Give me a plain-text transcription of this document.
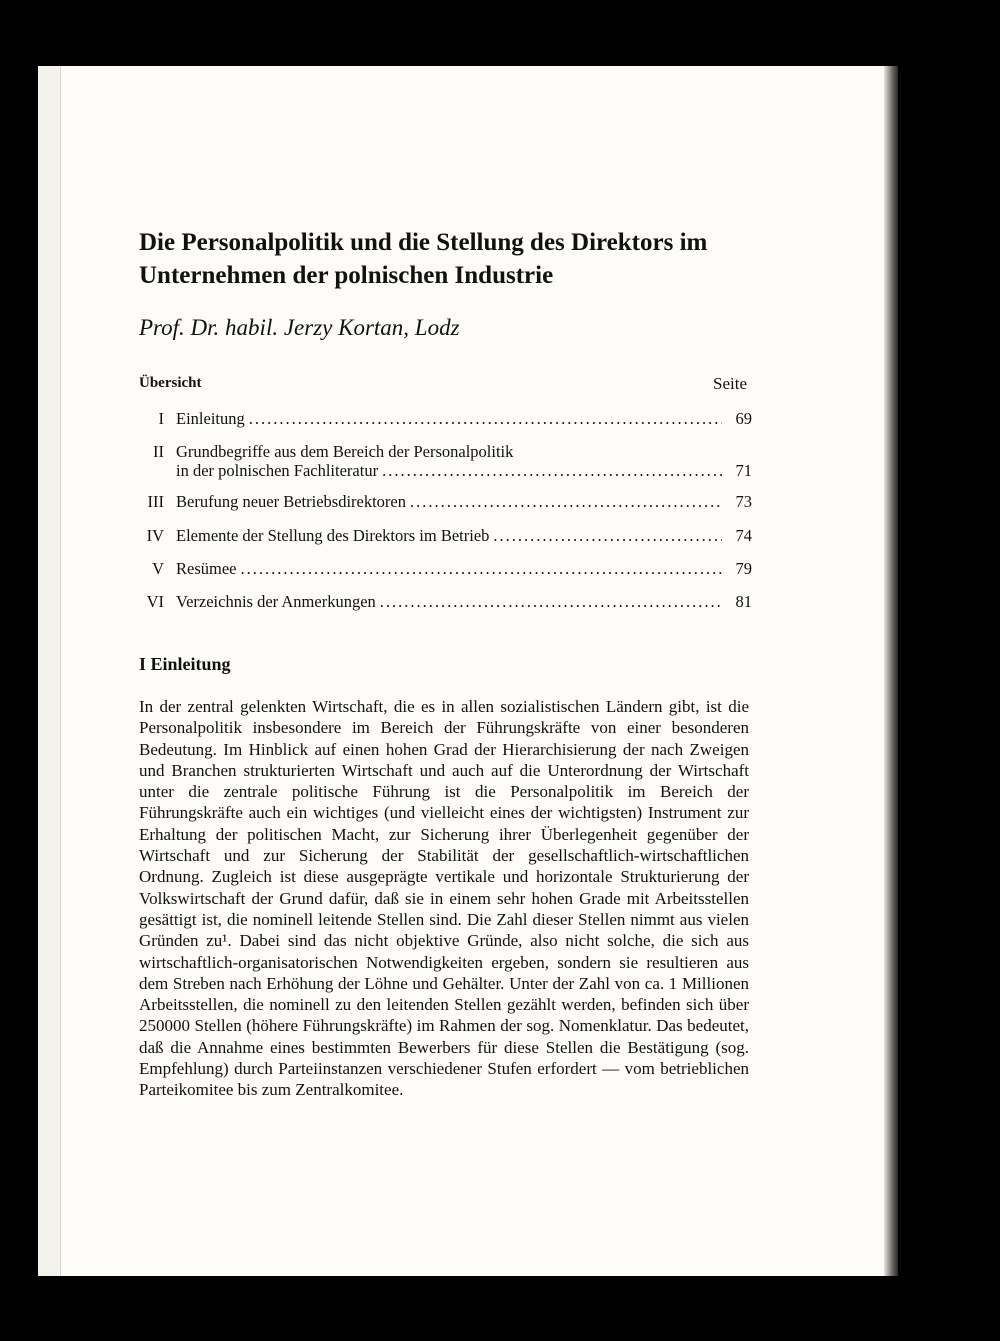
Die Personalpolitik und die Stellung des Direktors im Unternehmen der polnischen Industrie

Prof. Dr. habil. Jerzy Kortan, Lodz

Übersicht	Seite
I Einleitung .....	69
II Grundbegriffe aus dem Bereich der Personalpolitik
in der polnischen Fachliteratur .....	71
III Berufung neuer Betriebsdirektoren .....	73
IV Elemente der Stellung des Direktors im Betrieb .....	74
V Resümee .....	79
VI Verzeichnis der Anmerkungen .....	81
I Einleitung

In der zentral gelenkten Wirtschaft, die es in allen sozialistischen Ländern gibt, ist die Personalpolitik insbesondere im Bereich der Führungskräfte von einer besonderen Bedeutung. Im Hinblick auf einen hohen Grad der Hierarchisierung der nach Zweigen und Branchen strukturierten Wirtschaft und auch auf die Unterordnung der Wirtschaft unter die zentrale politische Führung ist die Personalpolitik im Bereich der Führungskräfte auch ein wichtiges (und vielleicht eines der wichtigsten) Instrument zur Erhaltung der politischen Macht, zur Sicherung ihrer Überlegenheit gegenüber der Wirtschaft und zur Sicherung der Stabilität der gesellschaftlich-wirtschaftlichen Ordnung. Zugleich ist diese ausgeprägte vertikale und horizontale Strukturierung der Volkswirtschaft der Grund dafür, daß sie in einem sehr hohen Grade mit Arbeitsstellen gesättigt ist, die nominell leitende Stellen sind. Die Zahl dieser Stellen nimmt aus vielen Gründen zu¹. Dabei sind das nicht objektive Gründe, also nicht solche, die sich aus wirtschaftlich-organisatorischen Notwendigkeiten ergeben, sondern sie resultieren aus dem Streben nach Erhöhung der Löhne und Gehälter. Unter der Zahl von ca. 1 Millionen Arbeitsstellen, die nominell zu den leitenden Stellen gezählt werden, befinden sich über 250000 Stellen (höhere Führungskräfte) im Rahmen der sog. Nomenklatur. Das bedeutet, daß die Annahme eines bestimmten Bewerbers für diese Stellen die Bestätigung (sog. Empfehlung) durch Parteiinstanzen verschiedener Stufen erfordert — vom betrieblichen Parteikomitee bis zum Zentralkomitee.
